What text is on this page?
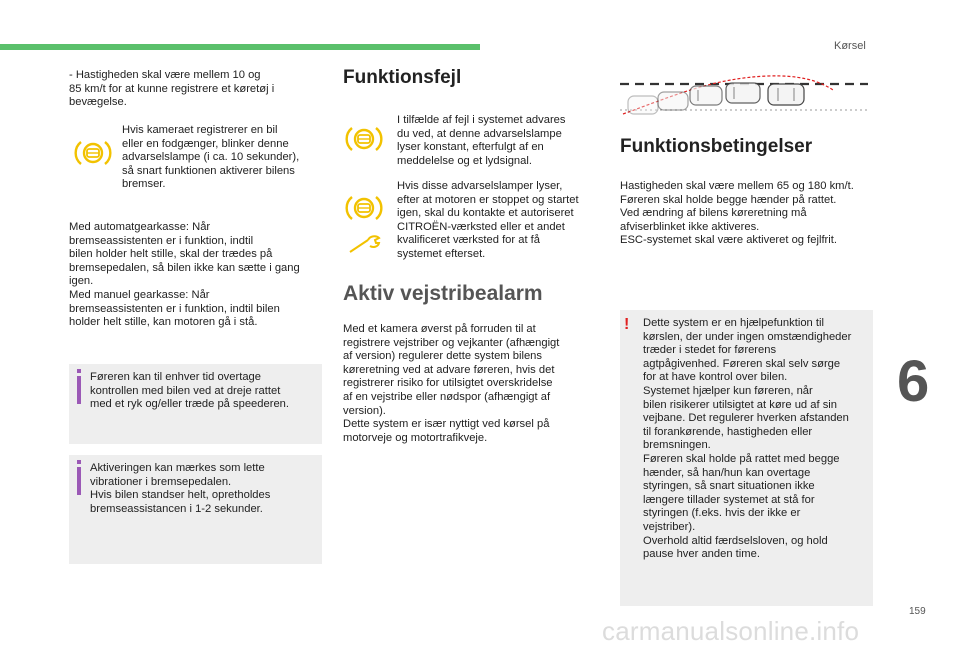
Kørsel
6
159

- Hastigheden skal være mellem 10 og

85 km/t for at kunne registrere et køretøj i

bevægelse.

Hvis kameraet registrerer en bil

eller en fodgænger, blinker denne

advarselslampe (i ca. 10 sekunder),

så snart funktionen aktiverer bilens

bremser.

Med automatgearkasse: Når

bremseassistenten er i funktion, indtil

bilen holder helt stille, skal der trædes på

bremsepedalen, så bilen ikke kan sætte i gang

igen.

Med manuel gearkasse: Når

bremseassistenten er i funktion, indtil bilen

holder helt stille, kan motoren gå i stå.

Føreren kan til enhver tid overtage

kontrollen med bilen ved at dreje rattet

med et ryk og/eller træde på speederen.

Aktiveringen kan mærkes som lette

vibrationer i bremsepedalen.

Hvis bilen standser helt, opretholdes

bremseassistancen i 1-2 sekunder.

Funktionsfejl

I tilfælde af fejl i systemet advares

du ved, at denne advarselslampe

lyser konstant, efterfulgt af en

meddelelse og et lydsignal.

Hvis disse advarselslamper lyser,

efter at motoren er stoppet og startet

igen, skal du kontakte et autoriseret

CITROËN-værksted eller et andet

kvalificeret værksted for at få

systemet efterset.

Aktiv vejstribealarm

Med et kamera øverst på forruden til at

registrere vejstriber og vejkanter (afhængigt

af version) regulerer dette system bilens

køreretning ved at advare føreren, hvis det

registrerer risiko for utilsigtet overskridelse

af en vejstribe eller nødspor (afhængigt af

version).

Dette system er især nyttigt ved kørsel på

motorveje og motortrafikveje.

Funktionsbetingelser

Hastigheden skal være mellem 65 og 180 km/t.

Føreren skal holde begge hænder på rattet.

Ved ændring af bilens køreretning må

afviserblinket ikke aktiveres.

ESC-systemet skal være aktiveret og fejlfrit.

! Dette system er en hjælpefunktion til

kørslen, der under ingen omstændigheder

træder i stedet for førerens

agtpågivenhed. Føreren skal selv sørge

for at have kontrol over bilen.

Systemet hjælper kun føreren, når

bilen risikerer utilsigtet at køre ud af sin

vejbane. Det regulerer hverken afstanden

til forankørende, hastigheden eller

bremsningen.

Føreren skal holde på rattet med begge

hænder, så han/hun kan overtage

styringen, så snart situationen ikke

længere tillader systemet at stå for

styringen (f.eks. hvis der ikke er

vejstriber).

Overhold altid færdselsloven, og hold

pause hver anden time.

carmanualsonline.info
